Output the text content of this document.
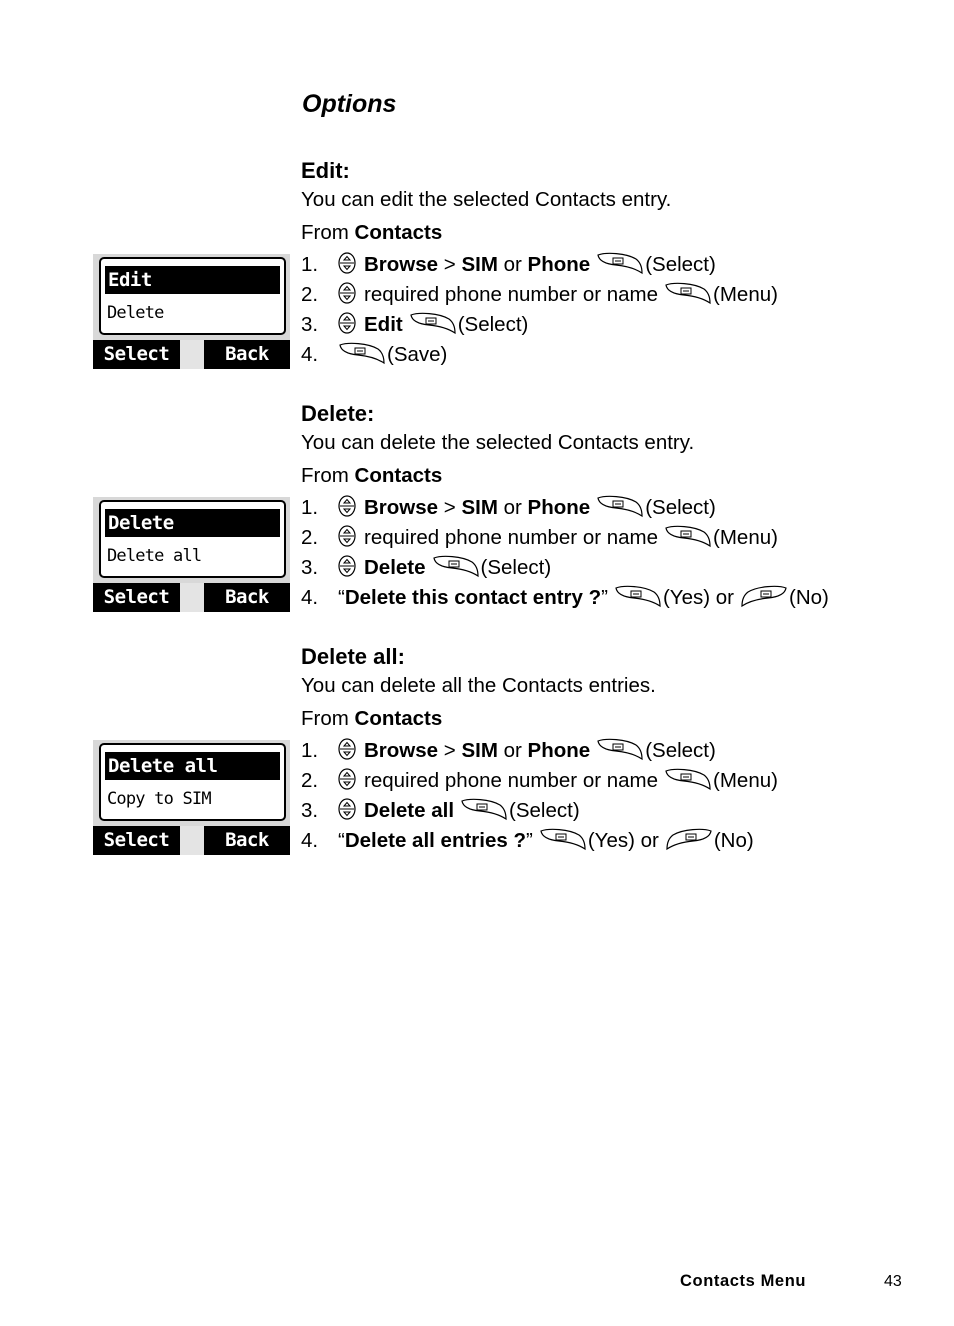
Options
Edit:
You can edit the selected Contacts entry.
From Contacts
Edit
Delete
Select	Back
1. Browse > SIM or Phone	(Select)
2. required phone number or name	(Menu)
3. Edit	(Select)
4.	(Save)
Delete:
You can delete the selected Contacts entry.
From Contacts
Delete
Delete all
Select	Back
1. Browse > SIM or Phone	(Select)
2. required phone number or name	(Menu)
3. Delete	(Select)
4. “Delete this contact entry ?”	(Yes) or	(No)
Delete all:
You can delete all the Contacts entries.
From Contacts
Delete all
Copy to SIM
Select	Back
1. Browse > SIM or Phone	(Select)
2. required phone number or name	(Menu)
3. Delete all	(Select)
4. “Delete all entries ?”	(Yes) or	(No)
Contacts Menu	43
